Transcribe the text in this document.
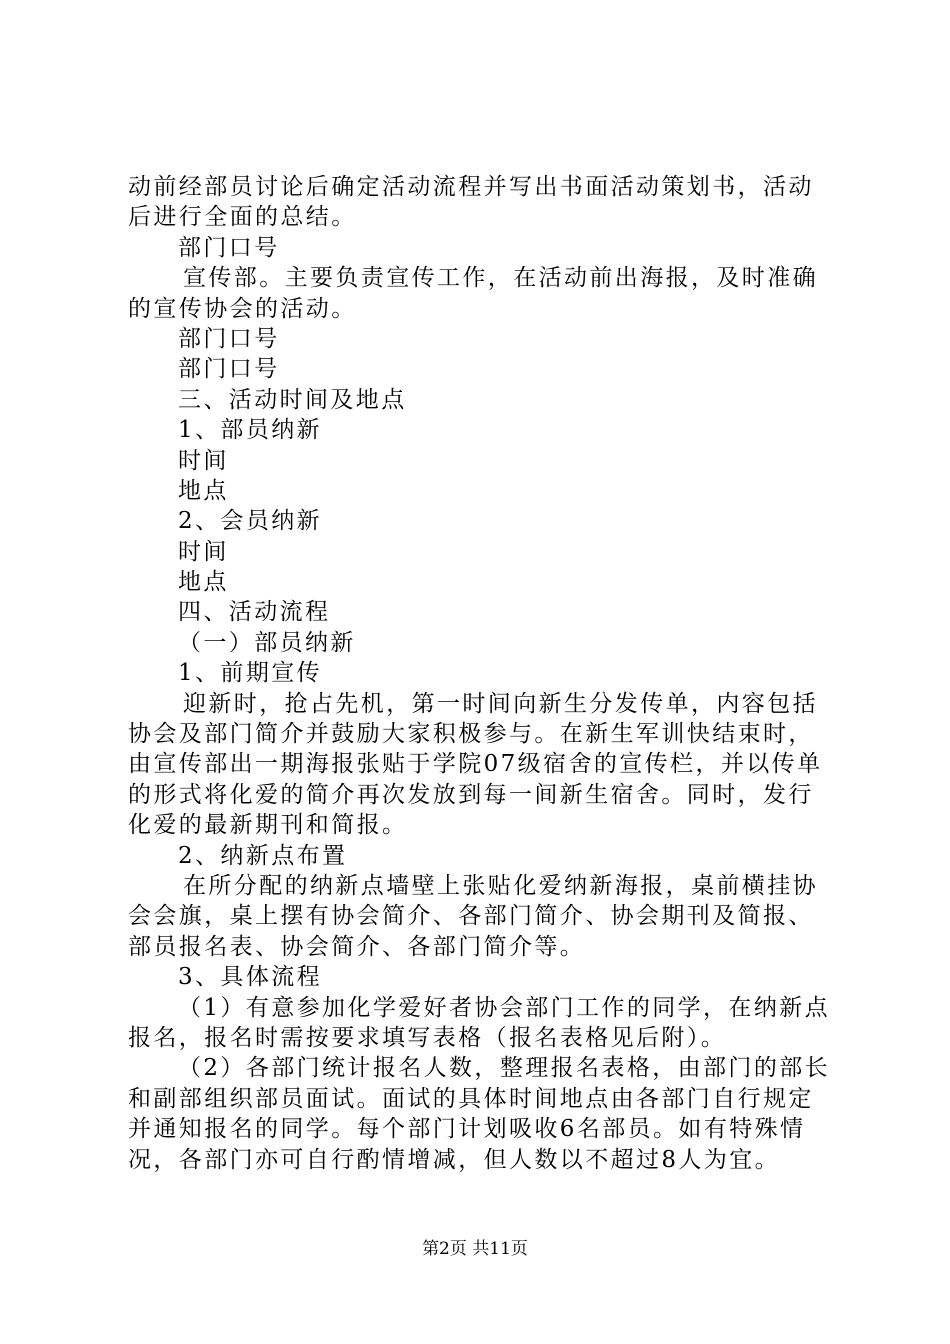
动前经部员讨论后确定活动流程并写出书面活动策划书，活动
后进行全面的总结。
部门口号
宣传部。主要负责宣传工作，在活动前出海报，及时准确
的宣传协会的活动。
部门口号
部门口号
三、活动时间及地点
1、部员纳新
时间
地点
2、会员纳新
时间
地点
四、活动流程
（一）部员纳新
1、前期宣传
迎新时，抢占先机，第一时间向新生分发传单，内容包括
协会及部门简介并鼓励大家积极参与。在新生军训快结束时，
由宣传部出一期海报张贴于学院07级宿舍的宣传栏，并以传单
的形式将化爱的简介再次发放到每一间新生宿舍。同时，发行
化爱的最新期刊和简报。
2、纳新点布置
在所分配的纳新点墙壁上张贴化爱纳新海报，桌前横挂协
会会旗，桌上摆有协会简介、各部门简介、协会期刊及简报、
部员报名表、协会简介、各部门简介等。
3、具体流程
（1）有意参加化学爱好者协会部门工作的同学，在纳新点
报名，报名时需按要求填写表格（报名表格见后附）。
（2）各部门统计报名人数，整理报名表格，由部门的部长
和副部组织部员面试。面试的具体时间地点由各部门自行规定
并通知报名的同学。每个部门计划吸收6名部员。如有特殊情
况，各部门亦可自行酌情增减，但人数以不超过8人为宜。
第2页 共11页
